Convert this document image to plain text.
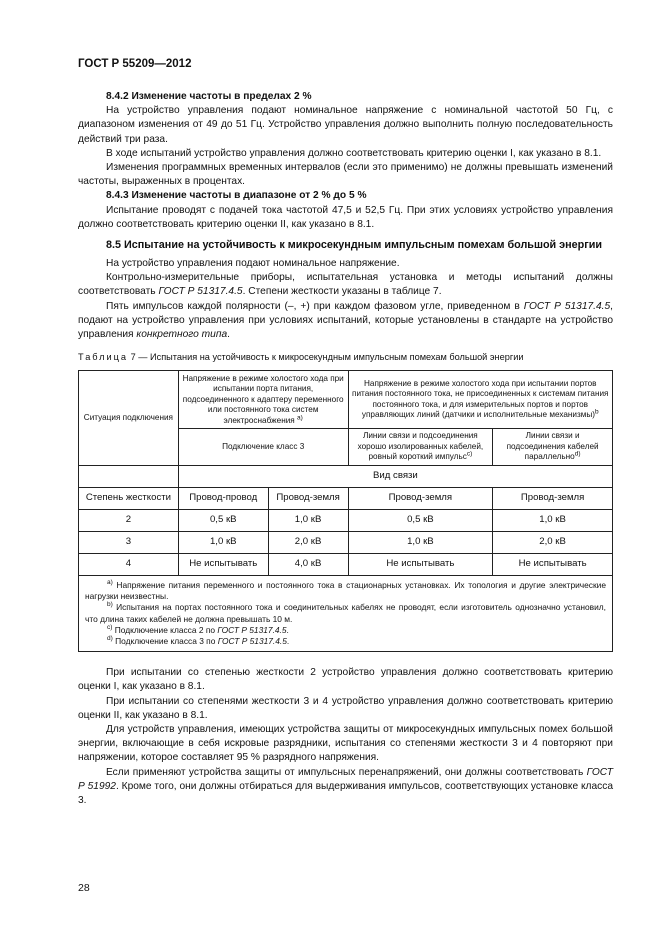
ГОСТ Р 55209—2012

8.4.2 Изменение частоты в пределах 2 %

На устройство управления подают номинальное напряжение с номинальной частотой 50 Гц, с диапазоном изменения от 49 до 51 Гц. Устройство управления должно выполнить полную последовательность действий три раза.

В ходе испытаний устройство управления должно соответствовать критерию оценки I, как указано в 8.1.

Изменения программных временных интервалов (если это применимо) не должны превышать изменений частоты, выраженных в процентах.

8.4.3 Изменение частоты в диапазоне от 2 % до 5 %

Испытание проводят с подачей тока частотой 47,5 и 52,5 Гц. При этих условиях устройство управления должно соответствовать критерию оценки II, как указано в 8.1.

8.5 Испытание на устойчивость к микросекундным импульсным помехам большой энергии

На устройство управления подают номинальное напряжение.

Контрольно-измерительные приборы, испытательная установка и методы испытаний должны соответствовать ГОСТ Р 51317.4.5. Степени жесткости указаны в таблице 7.

Пять импульсов каждой полярности (–, +) при каждом фазовом угле, приведенном в ГОСТ Р 51317.4.5, подают на устройство управления при условиях испытаний, которые установлены в стандарте на устройство управления конкретного типа.

Таблица 7 — Испытания на устойчивость к микросекундным импульсным помехам большой энергии

Ситуация подключения	Напряжение в режиме холостого хода при испытании порта питания, подсоединенного к адаптеру переменного или постоянного тока систем электроснабжения $^{а)}$		Напряжение в режиме холостого хода при испытании портов питания постоянного тока, не присоединенных к системам питания постоянного тока, и для измерительных портов и портов управляющих линий (датчики и исполнительные механизмы)$^b$
	Подключение класс 3		Линии связи и подсоединения хорошо изолированных кабелей, ровный короткий импульс$^{c)}$	Линии связи и подсоединения кабелей параллельно$^{d)}$
	Вид связи			
Степень жесткости	Провод-провод	Провод-земля	Провод-земля	Провод-земля
2	0,5 кВ	1,0 кВ	0,5 кВ	1,0 кВ
3	1,0 кВ	2,0 кВ	1,0 кВ	2,0 кВ
4	Не испытывать	4,0 кВ	Не испытывать	Не испытывать

$^{а)}$ Напряжение питания переменного и постоянного тока в стационарных установках. Их топология и другие электрические нагрузки неизвестны.

$^{b)}$ Испытания на портах постоянного тока и соединительных кабелях не проводят, если изготовитель однозначно установил, что длина таких кабелей не должна превышать 10 м.

$^{c)}$ Подключение класса 2 по ГОСТ Р 51317.4.5.

$^{d)}$ Подключение класса 3 по ГОСТ Р 51317.4.5.				

При испытании со степенью жесткости 2 устройство управления должно соответствовать критерию оценки I, как указано в 8.1.

При испытании со степенями жесткости 3 и 4 устройство управления должно соответствовать критерию оценки II, как указано в 8.1.

Для устройств управления, имеющих устройства защиты от микросекундных импульсных помех большой энергии, включающие в себя искровые разрядники, испытания со степенями жесткости 3 и 4 повторяют при напряжении, которое составляет 95 % разрядного напряжения.

Если применяют устройства защиты от импульсных перенапряжений, они должны соответствовать ГОСТ Р 51992. Кроме того, они должны отбираться для выдерживания импульсов, соответствующих установке класса 3.

28
